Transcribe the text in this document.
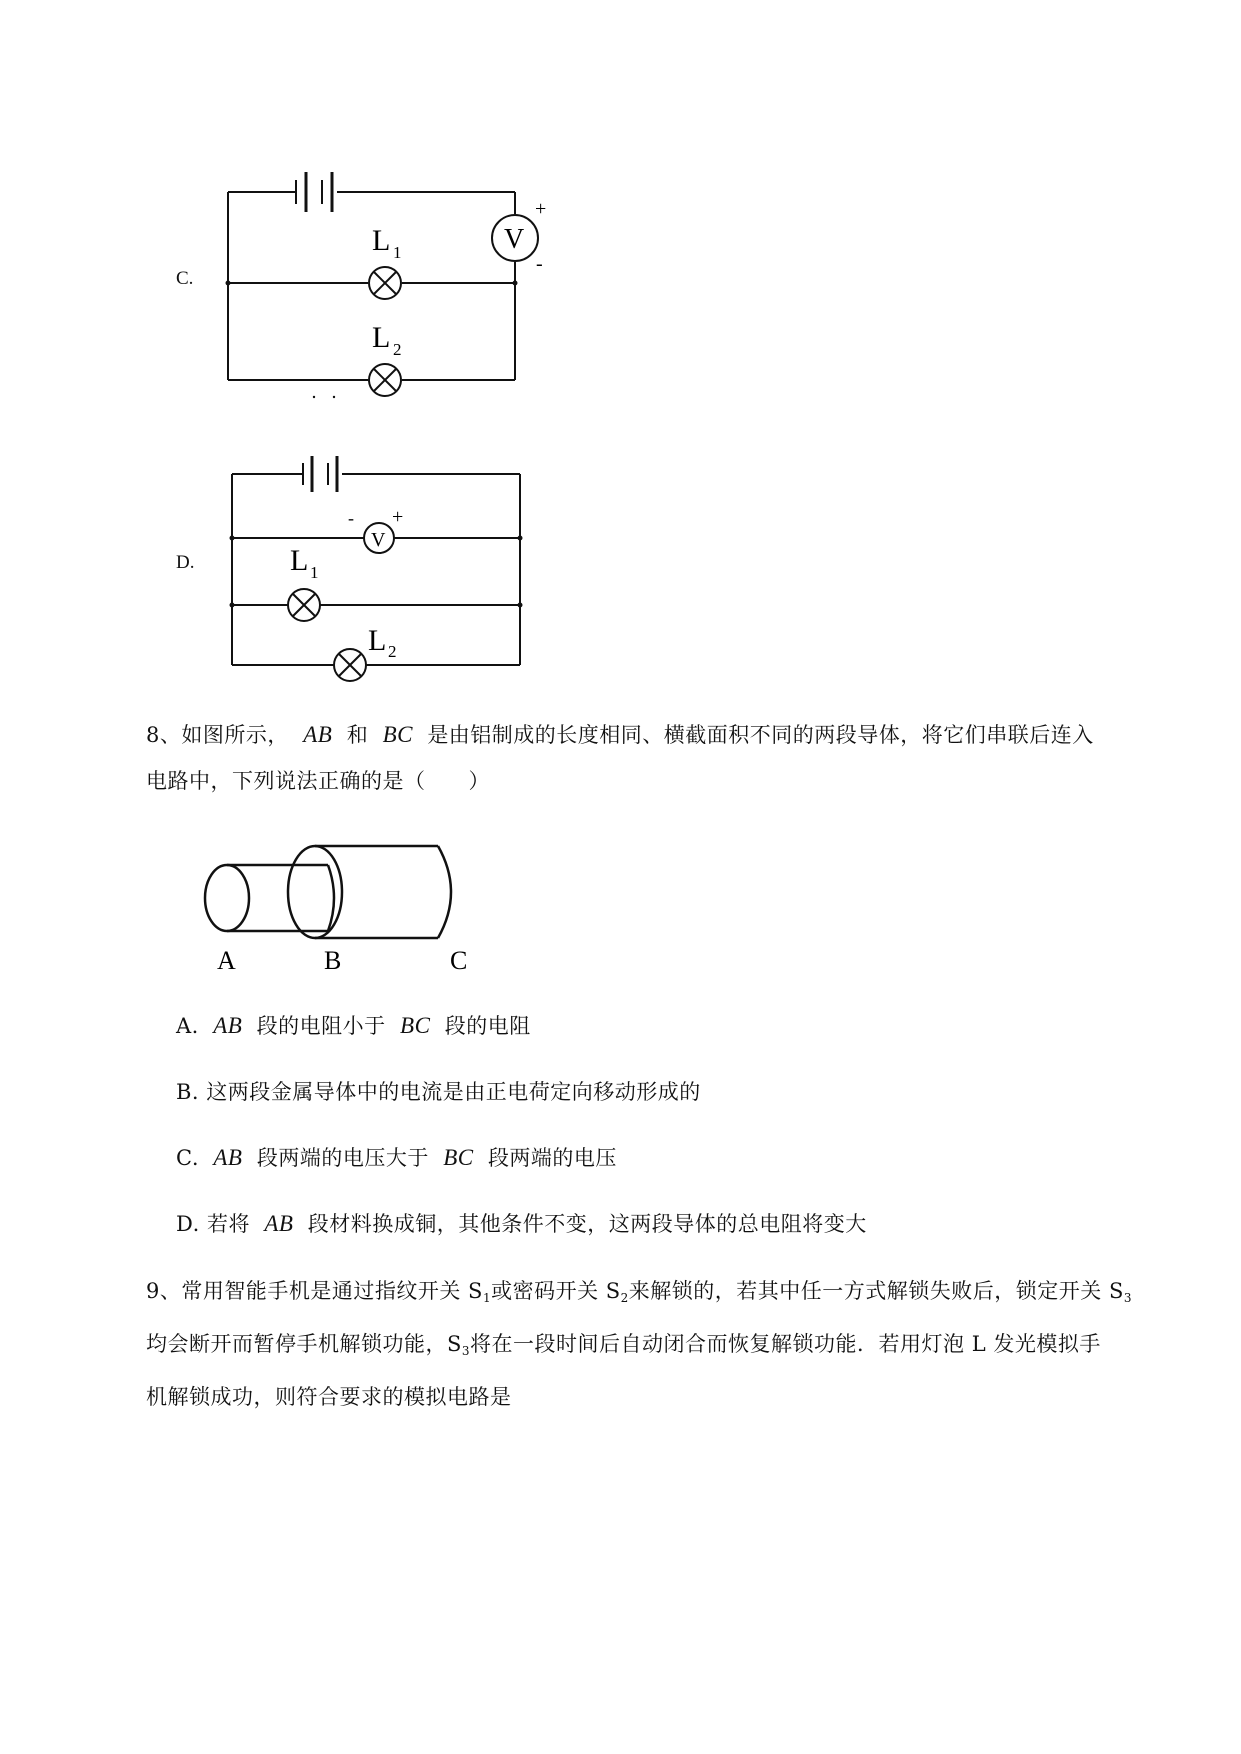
C.
V
+
-
L 1
L 2
D.
V
- +
L 1
L 2
8、如图所示， AB 和 BC 是由铝制成的长度相同、横截面积不同的两段导体，将它们串联后连入
电路中，下列说法正确的是（　　）
A	B	C
A. AB 段的电阻小于 BC 段的电阻
B. 这两段金属导体中的电流是由正电荷定向移动形成的
C. AB 段两端的电压大于 BC 段两端的电压
D. 若将 AB 段材料换成铜，其他条件不变，这两段导体的总电阻将变大
9、常用智能手机是通过指纹开关 $S_1$或密码开关 $S_2$来解锁的，若其中任一方式解锁失败后，锁定开关 $S_3$
均会断开而暂停手机解锁功能，$S_3$将在一段时间后自动闭合而恢复解锁功能．若用灯泡 L 发光模拟手
机解锁成功，则符合要求的模拟电路是
